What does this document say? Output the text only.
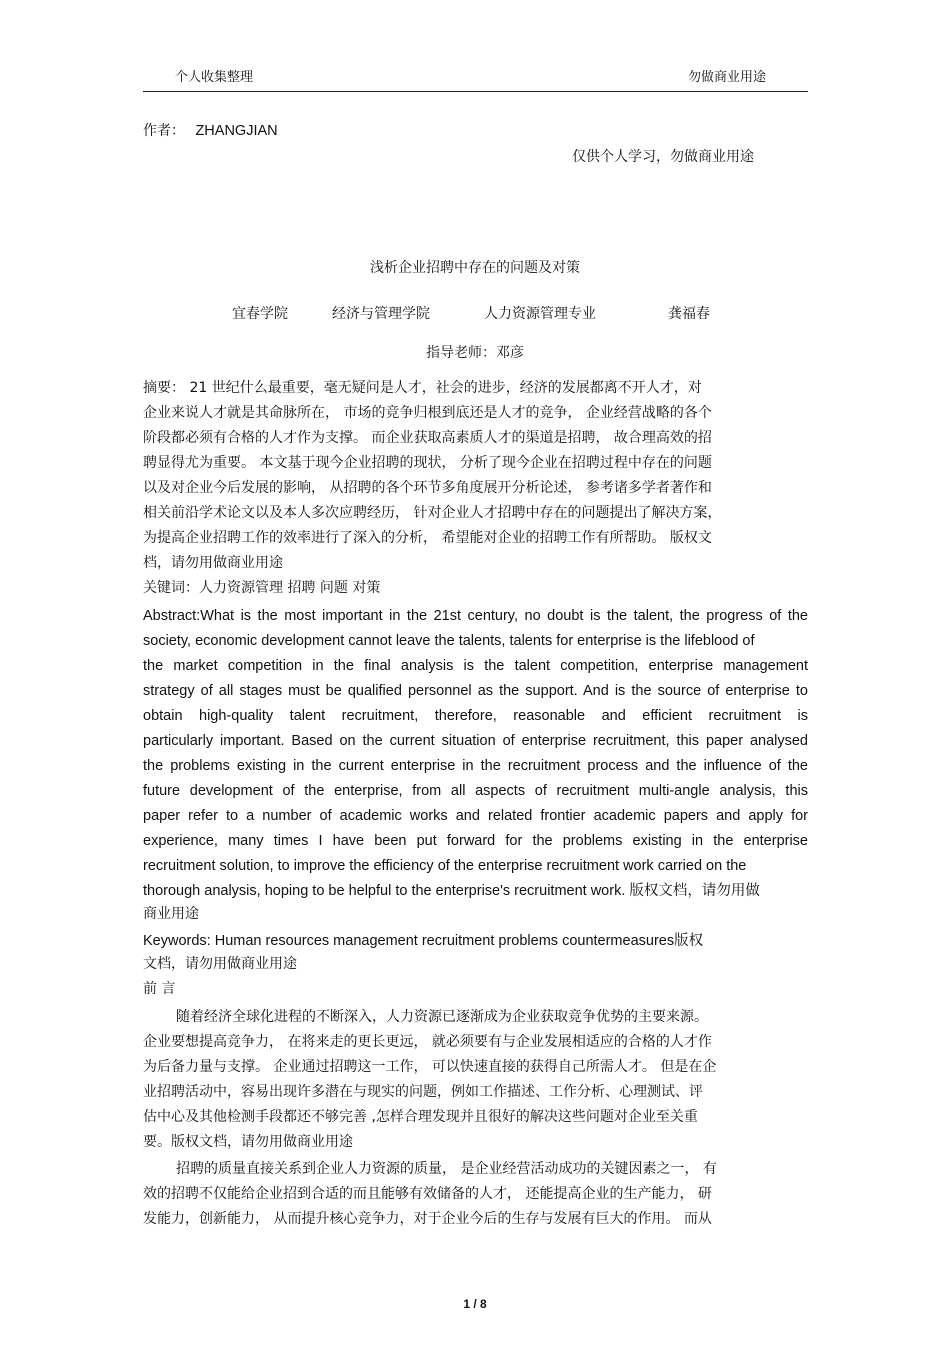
个人收集整理	勿做商业用途
作者： ZHANGJIAN
仅供个人学习，勿做商业用途
浅析企业招聘中存在的问题及对策
宜春学院	经济与管理学院	人力资源管理专业	龚福春
指导老师：邓彦
摘要： 21 世纪什么最重要，毫无疑问是人才，社会的进步，经济的发展都离不开人才，对
企业来说人才就是其命脉所在， 市场的竞争归根到底还是人才的竞争， 企业经营战略的各个
阶段都必须有合格的人才作为支撑。 而企业获取高素质人才的渠道是招聘， 故合理高效的招
聘显得尤为重要。 本文基于现今企业招聘的现状， 分析了现今企业在招聘过程中存在的问题
以及对企业今后发展的影响， 从招聘的各个环节多角度展开分析论述， 参考诸多学者著作和
相关前沿学术论文以及本人多次应聘经历， 针对企业人才招聘中存在的问题提出了解决方案，
为提高企业招聘工作的效率进行了深入的分析， 希望能对企业的招聘工作有所帮助。 版权文
档，请勿用做商业用途
关键词：人力资源管理 招聘 问题 对策
Abstract:What is the most important in the 21st century, no doubt is the talent, the progress of the
society, economic development cannot leave the talents, talents for enterprise is the lifeblood of
the market competition in the final analysis is the talent competition, enterprise management
strategy of all stages must be qualified personnel as the support. And is the source of enterprise to
obtain high-quality talent recruitment, therefore, reasonable and efficient recruitment is
particularly important. Based on the current situation of enterprise recruitment, this paper analysed
the problems existing in the current enterprise in the recruitment process and the influence of the
future development of the enterprise, from all aspects of recruitment multi-angle analysis, this
paper refer to a number of academic works and related frontier academic papers and apply for
experience, many times I have been put forward for the problems existing in the enterprise
recruitment solution, to improve the efficiency of the enterprise recruitment work carried on the
thorough analysis, hoping to be helpful to the enterprise's recruitment work. 版权文档，请勿用做
商业用途
Keywords: Human resources management recruitment problems countermeasures版权
文档，请勿用做商业用途
前 言
随着经济全球化进程的不断深入，人力资源已逐渐成为企业获取竞争优势的主要来源。
企业要想提高竞争力， 在将来走的更长更远， 就必须要有与企业发展相适应的合格的人才作
为后备力量与支撑。 企业通过招聘这一工作， 可以快速直接的获得自己所需人才。 但是在企
业招聘活动中，容易出现许多潜在与现实的问题，例如工作描述、工作分析、心理测试、评
估中心及其他检测手段都还不够完善 ,怎样合理发现并且很好的解决这些问题对企业至关重
要。版权文档，请勿用做商业用途
招聘的质量直接关系到企业人力资源的质量， 是企业经营活动成功的关键因素之一， 有
效的招聘不仅能给企业招到合适的而且能够有效储备的人才， 还能提高企业的生产能力， 研
发能力，创新能力， 从而提升核心竞争力，对于企业今后的生存与发展有巨大的作用。 而从
1 / 8
